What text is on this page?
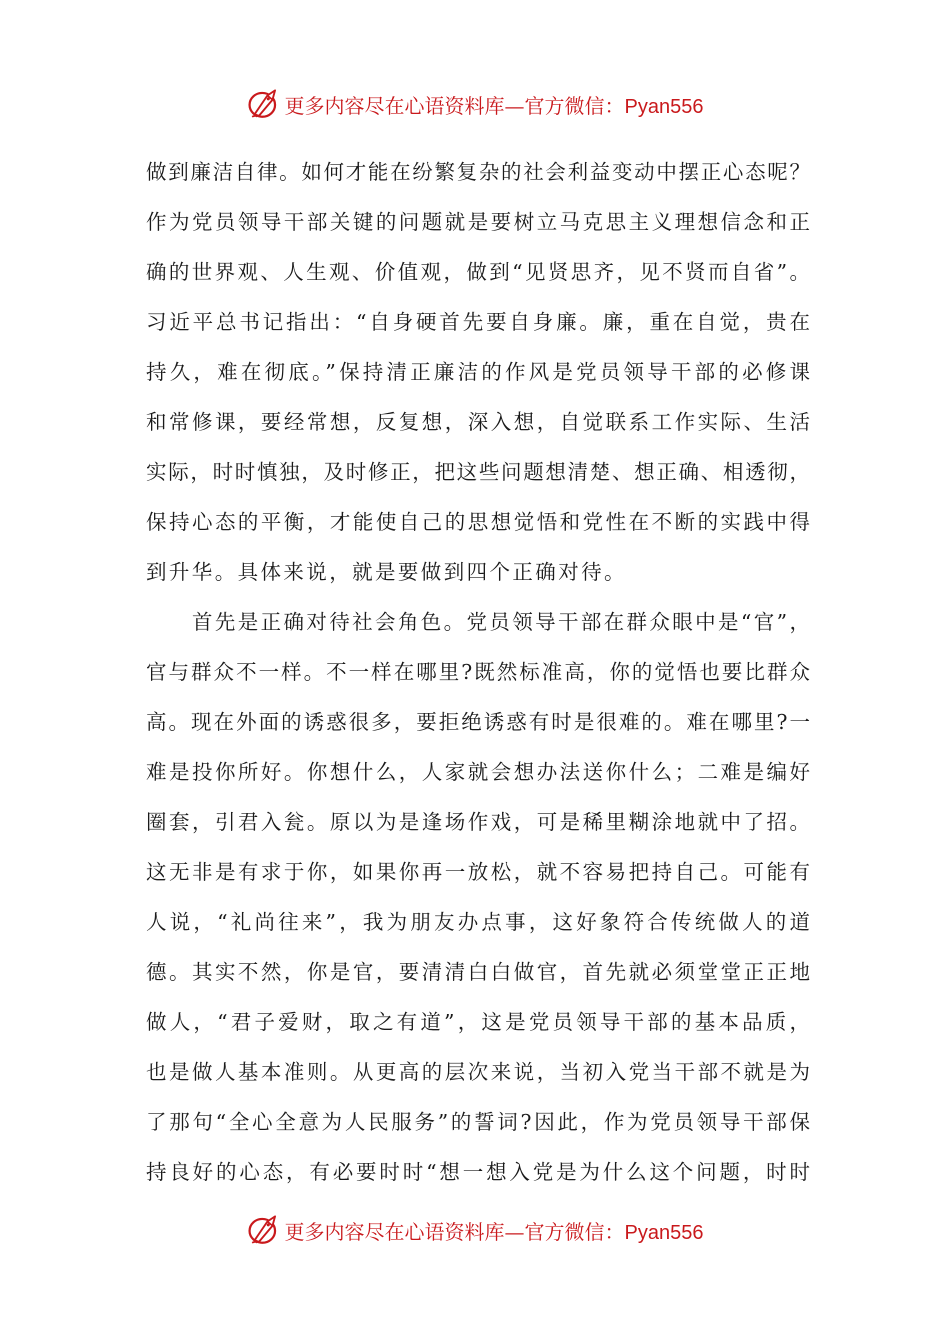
更多内容尽在心语资料库—官方微信：Pyan556
做到廉洁自律。如何才能在纷繁复杂的社会利益变动中摆正心态呢？
作为党员领导干部关键的问题就是要树立马克思主义理想信念和正
确的世界观、人生观、价值观，做到“见贤思齐，见不贤而自省”。
习近平总书记指出：“自身硬首先要自身廉。廉，重在自觉，贵在
持久，难在彻底。”保持清正廉洁的作风是党员领导干部的必修课
和常修课，要经常想，反复想，深入想，自觉联系工作实际、生活
实际，时时慎独，及时修正，把这些问题想清楚、想正确、相透彻，
保持心态的平衡，才能使自己的思想觉悟和党性在不断的实践中得
到升华。具体来说，就是要做到四个正确对待。
首先是正确对待社会角色。党员领导干部在群众眼中是“官”，
官与群众不一样。不一样在哪里?既然标准高，你的觉悟也要比群众
高。现在外面的诱惑很多，要拒绝诱惑有时是很难的。难在哪里?一
难是投你所好。你想什么，人家就会想办法送你什么；二难是编好
圈套，引君入瓮。原以为是逢场作戏，可是稀里糊涂地就中了招。
这无非是有求于你，如果你再一放松，就不容易把持自己。可能有
人说，“礼尚往来”，我为朋友办点事，这好象符合传统做人的道
德。其实不然，你是官，要清清白白做官，首先就必须堂堂正正地
做人，“君子爱财，取之有道”，这是党员领导干部的基本品质，
也是做人基本准则。从更高的层次来说，当初入党当干部不就是为
了那句“全心全意为人民服务”的誓词?因此，作为党员领导干部保
持良好的心态，有必要时时“想一想入党是为什么这个问题，时时
更多内容尽在心语资料库—官方微信：Pyan556
